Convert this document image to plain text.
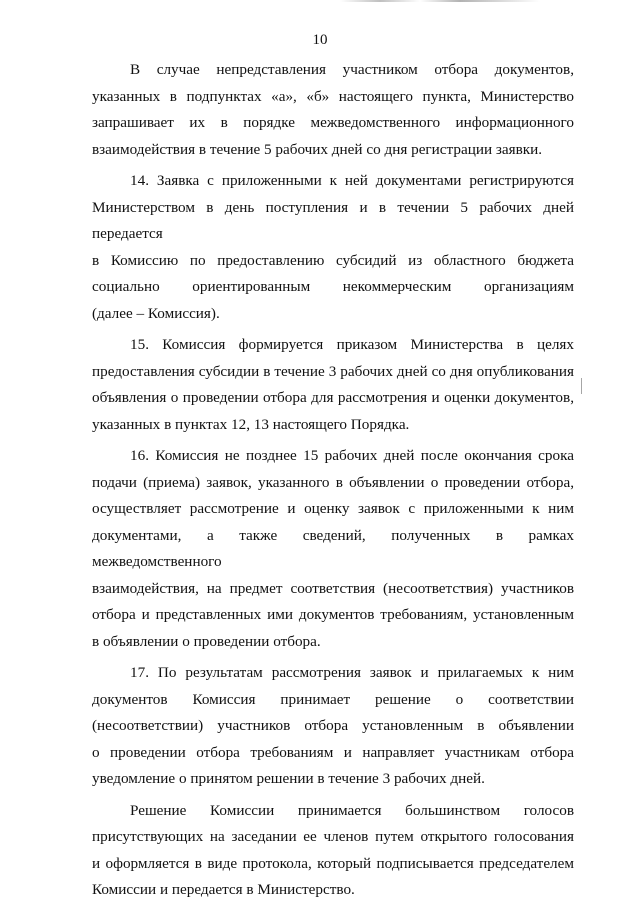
10
В случае непредставления участником отбора документов,
указанных в подпунктах «а», «б» настоящего пункта, Министерство
запрашивает их в порядке межведомственного информационного
взаимодействия в течение 5 рабочих дней со дня регистрации заявки.
14. Заявка с приложенными к ней документами регистрируются
Министерством в день поступления и в течении 5 рабочих дней передается
в Комиссию по предоставлению субсидий из областного бюджета
социально ориентированным некоммерческим организациям
(далее – Комиссия).
15. Комиссия формируется приказом Министерства в целях
предоставления субсидии в течение 3 рабочих дней со дня опубликования
объявления о проведении отбора для рассмотрения и оценки документов,
указанных в пунктах 12, 13 настоящего Порядка.
16. Комиссия не позднее 15 рабочих дней после окончания срока
подачи (приема) заявок, указанного в объявлении о проведении отбора,
осуществляет рассмотрение и оценку заявок с приложенными к ним
документами, а также сведений, полученных в рамках межведомственного
взаимодействия, на предмет соответствия (несоответствия) участников
отбора и представленных ими документов требованиям, установленным
в объявлении о проведении отбора.
17. По результатам рассмотрения заявок и прилагаемых к ним
документов Комиссия принимает решение о соответствии
(несоответствии) участников отбора установленным в объявлении
о проведении отбора требованиям и направляет участникам отбора
уведомление о принятом решении в течение 3 рабочих дней.
Решение Комиссии принимается большинством голосов
присутствующих на заседании ее членов путем открытого голосования
и оформляется в виде протокола, который подписывается председателем
Комиссии и передается в Министерство.
